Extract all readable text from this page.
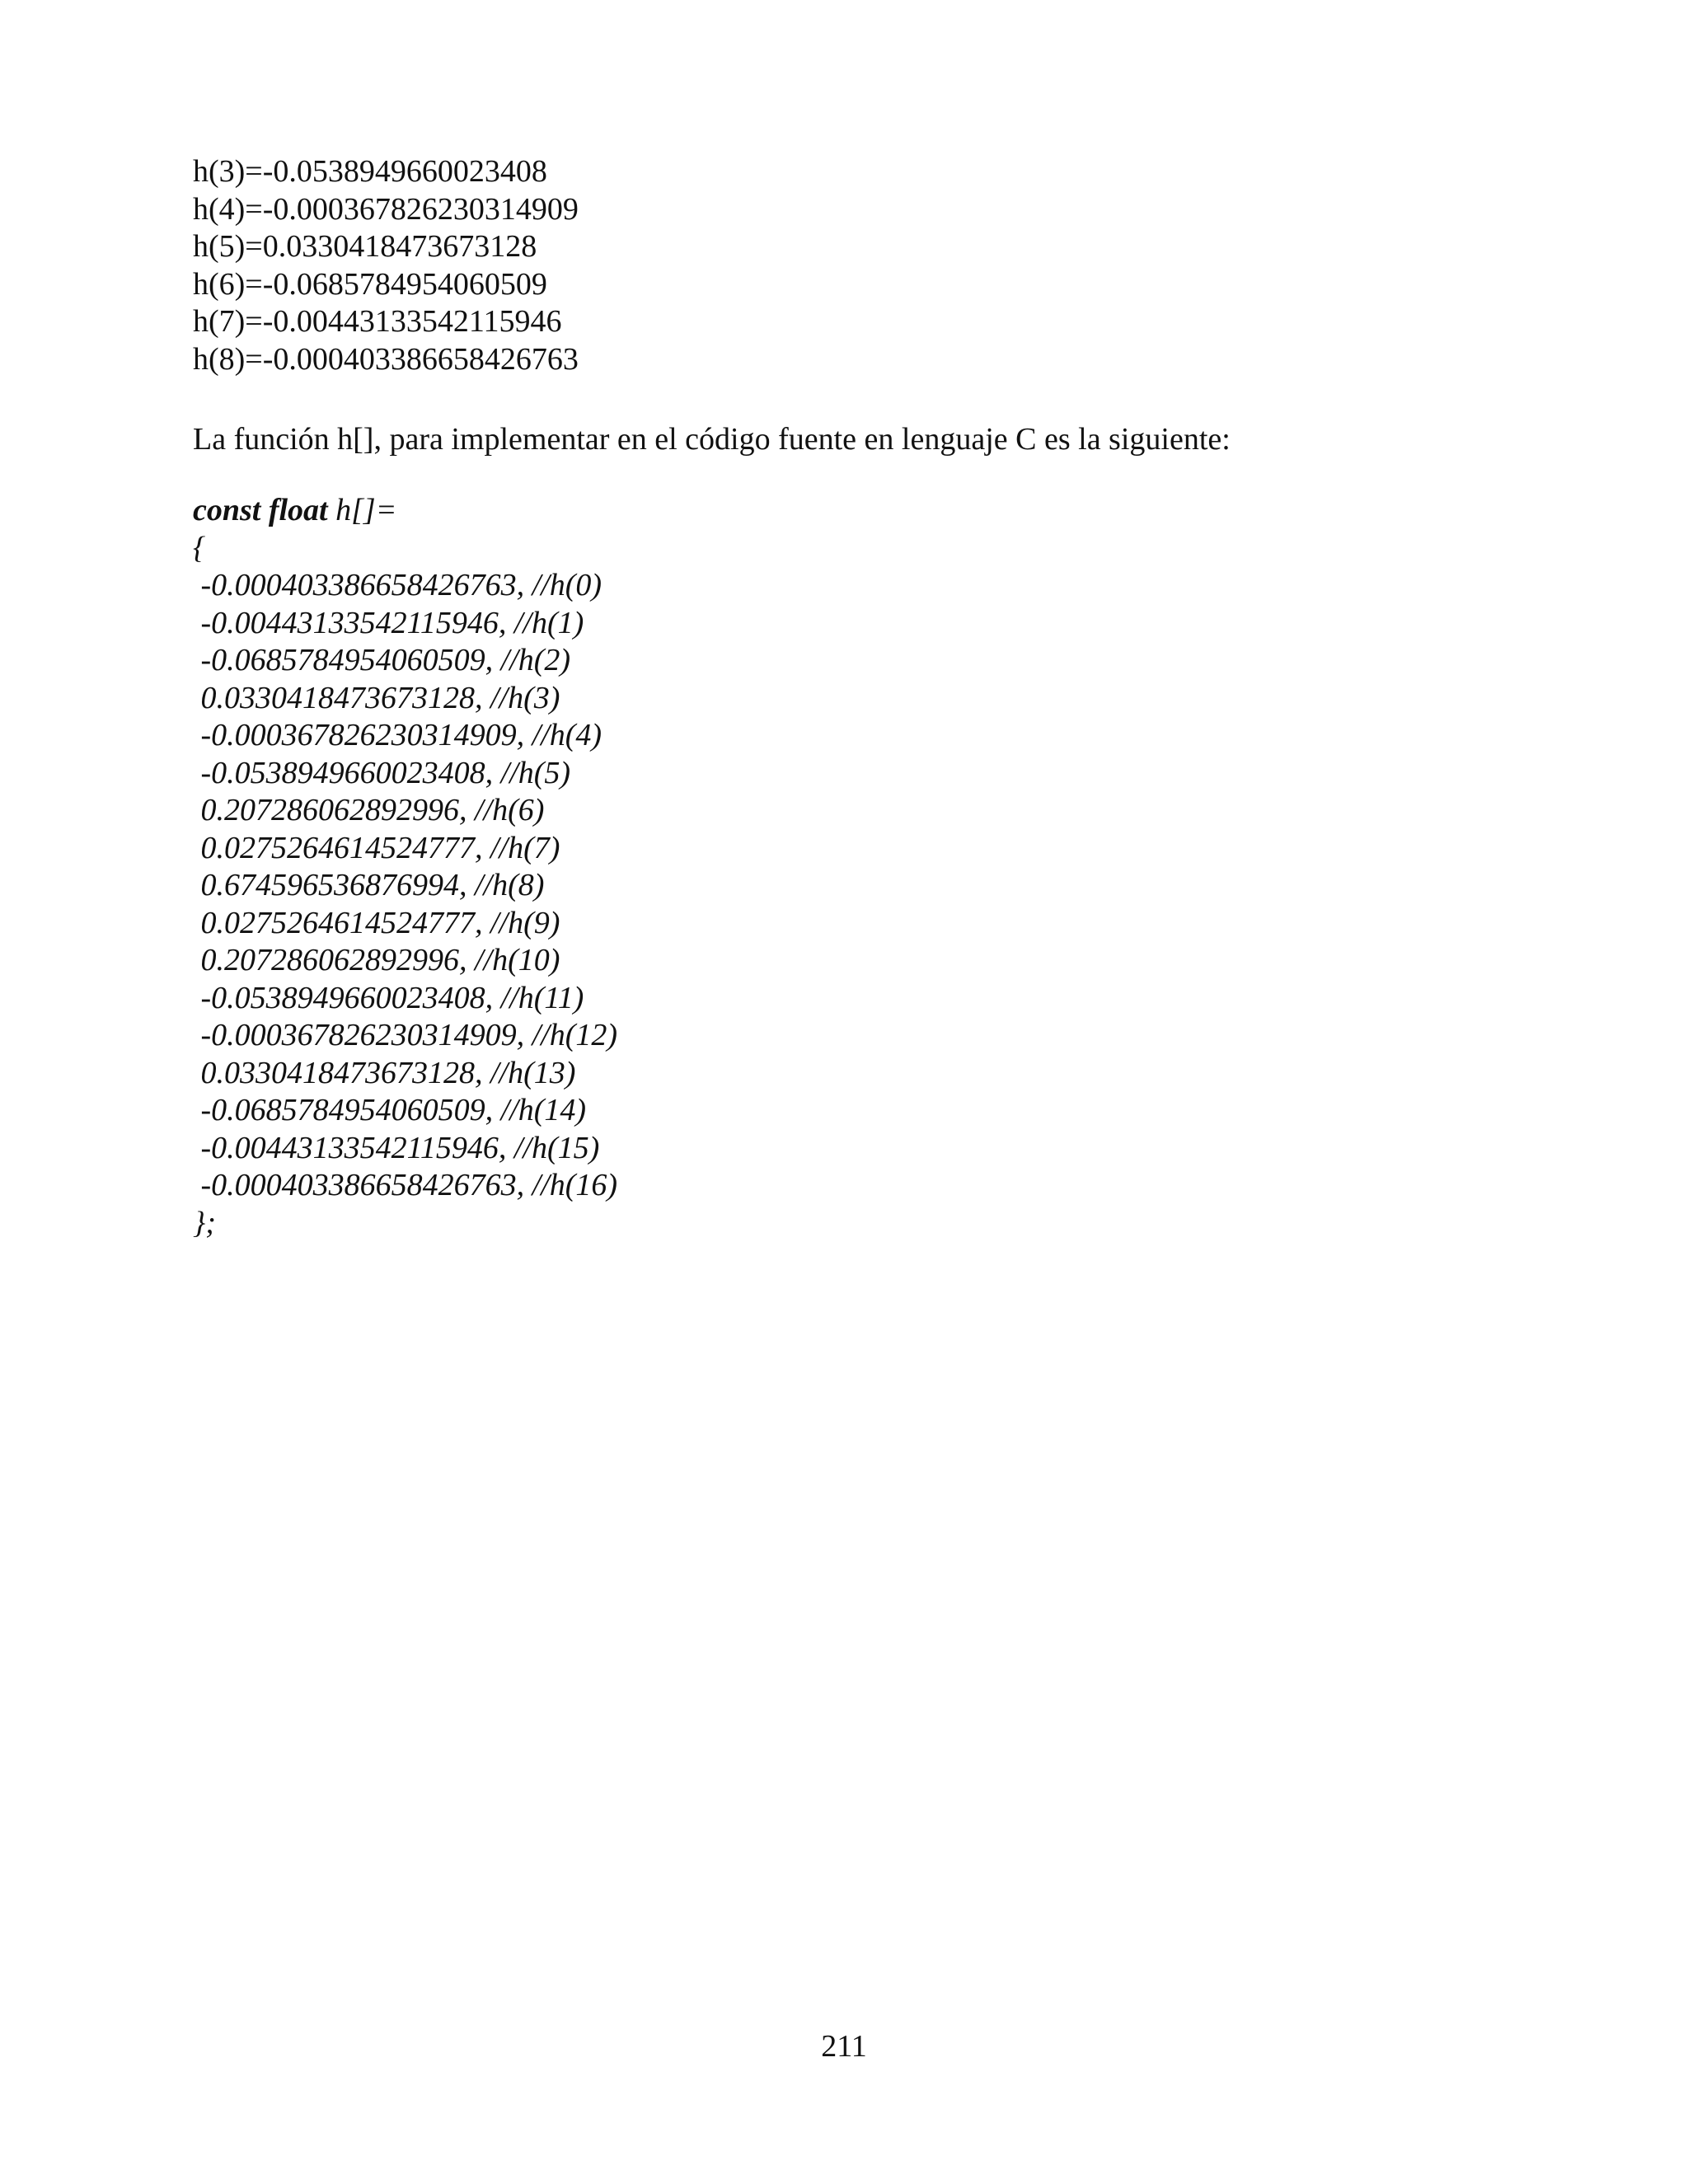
h(3)=-0.0538949660023408

h(4)=-0.000367826230314909

h(5)=0.0330418473673128

h(6)=-0.0685784954060509

h(7)=-0.00443133542115946

h(8)=-0.000403386658426763

La función h[], para implementar en el código fuente en lenguaje C es la siguiente:

const float h[]=

{

-0.000403386658426763, //h(0)

-0.00443133542115946, //h(1)

-0.0685784954060509, //h(2)

0.0330418473673128, //h(3)

-0.000367826230314909, //h(4)

-0.0538949660023408, //h(5)

0.207286062892996, //h(6)

0.0275264614524777, //h(7)

0.674596536876994, //h(8)

0.0275264614524777, //h(9)

0.207286062892996, //h(10)

-0.0538949660023408, //h(11)

-0.000367826230314909, //h(12)

0.0330418473673128, //h(13)

-0.0685784954060509, //h(14)

-0.00443133542115946, //h(15)

-0.000403386658426763, //h(16)

};

211
